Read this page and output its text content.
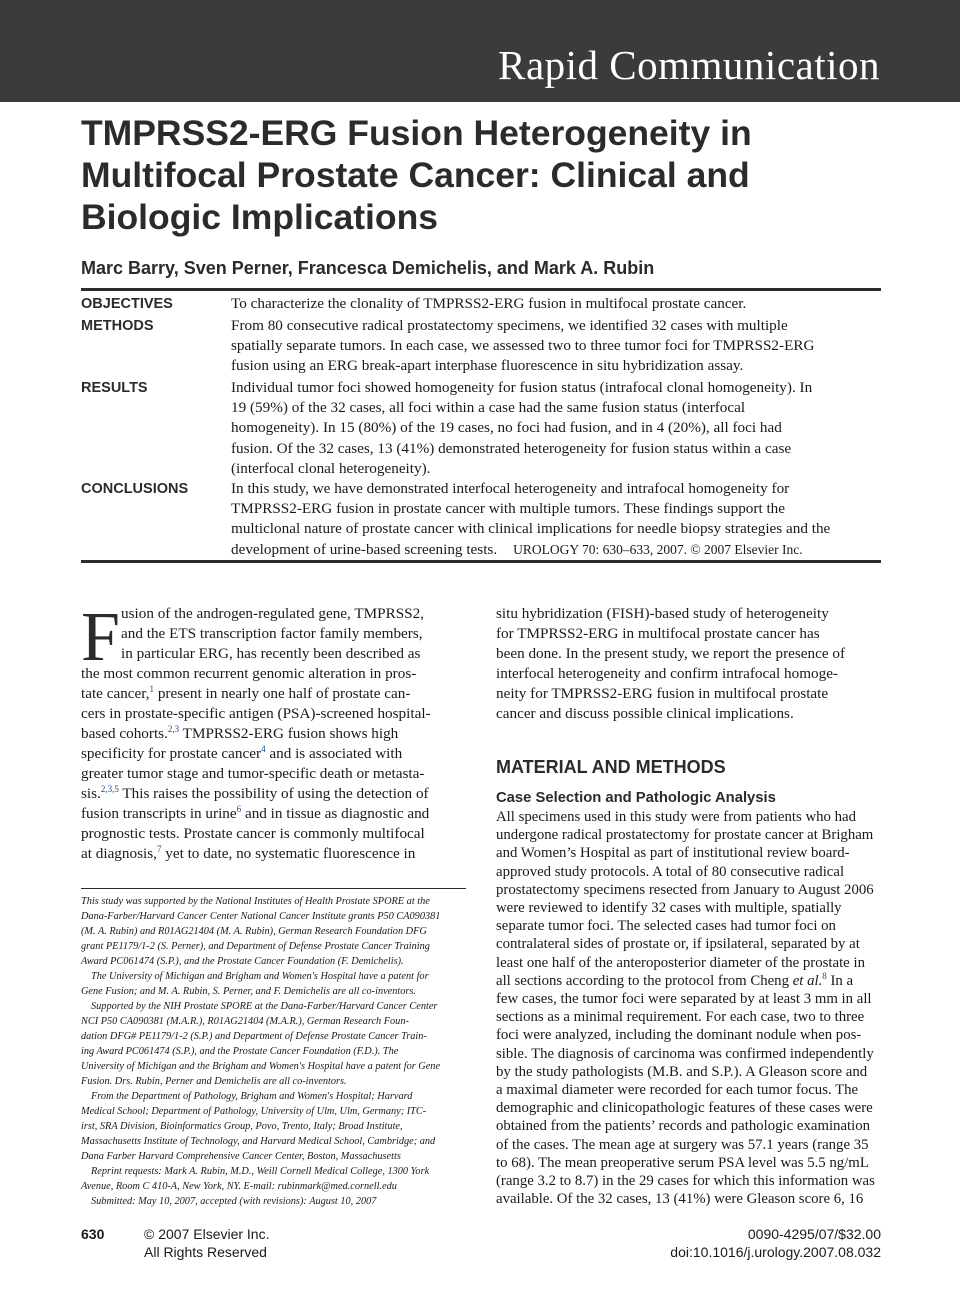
Rapid Communication
TMPRSS2-ERG Fusion Heterogeneity in
Multifocal Prostate Cancer: Clinical and
Biologic Implications
Marc Barry, Sven Perner, Francesca Demichelis, and Mark A. Rubin
OBJECTIVES	To characterize the clonality of TMPRSS2-ERG fusion in multifocal prostate cancer.
METHODS	From 80 consecutive radical prostatectomy specimens, we identified 32 cases with multiple
spatially separate tumors. In each case, we assessed two to three tumor foci for TMPRSS2-ERG
fusion using an ERG break-apart interphase fluorescence in situ hybridization assay.
RESULTS	Individual tumor foci showed homogeneity for fusion status (intrafocal clonal homogeneity). In
19 (59%) of the 32 cases, all foci within a case had the same fusion status (interfocal
homogeneity). In 15 (80%) of the 19 cases, no foci had fusion, and in 4 (20%), all foci had
fusion. Of the 32 cases, 13 (41%) demonstrated heterogeneity for fusion status within a case
(interfocal clonal heterogeneity).
CONCLUSIONS	In this study, we have demonstrated interfocal heterogeneity and intrafocal homogeneity for
TMPRSS2-ERG fusion in prostate cancer with multiple tumors. These findings support the
multiclonal nature of prostate cancer with clinical implications for needle biopsy strategies and the
development of urine-based screening tests. UROLOGY 70: 630–633, 2007. © 2007 Elsevier Inc.
F usion of the androgen-regulated gene, TMPRSS2,
and the ETS transcription factor family members,
in particular ERG, has recently been described as
the most common recurrent genomic alteration in pros-
tate cancer,$^1$ present in nearly one half of prostate can-
cers in prostate-specific antigen (PSA)-screened hospital-
based cohorts.$^{2,3}$ TMPRSS2-ERG fusion shows high
specificity for prostate cancer$^4$ and is associated with
greater tumor stage and tumor-specific death or metasta-
sis.$^{2,3,5}$ This raises the possibility of using the detection of
fusion transcripts in urine$^6$ and in tissue as diagnostic and
prognostic tests. Prostate cancer is commonly multifocal
at diagnosis,$^7$ yet to date, no systematic fluorescence in
This study was supported by the National Institutes of Health Prostate SPORE at the
Dana-Farber/Harvard Cancer Center National Cancer Institute grants P50 CA090381
(M. A. Rubin) and R01AG21404 (M. A. Rubin), German Research Foundation DFG
grant PE1179/1-2 (S. Perner), and Department of Defense Prostate Cancer Training
Award PC061474 (S.P.), and the Prostate Cancer Foundation (F. Demichelis).
The University of Michigan and Brigham and Women's Hospital have a patent for
Gene Fusion; and M. A. Rubin, S. Perner, and F. Demichelis are all co-inventors.
Supported by the NIH Prostate SPORE at the Dana-Farber/Harvard Cancer Center
NCI P50 CA090381 (M.A.R.), R01AG21404 (M.A.R.), German Research Foun-
dation DFG# PE1179/1-2 (S.P.) and Department of Defense Prostate Cancer Train-
ing Award PC061474 (S.P.), and the Prostate Cancer Foundation (F.D.). The
University of Michigan and the Brigham and Women's Hospital have a patent for Gene
Fusion. Drs. Rubin, Perner and Demichelis are all co-inventors.
From the Department of Pathology, Brigham and Women's Hospital; Harvard
Medical School; Department of Pathology, University of Ulm, Ulm, Germany; ITC-
irst, SRA Division, Bioinformatics Group, Povo, Trento, Italy; Broad Institute,
Massachusetts Institute of Technology, and Harvard Medical School, Cambridge; and
Dana Farber Harvard Comprehensive Cancer Center, Boston, Massachusetts
Reprint requests: Mark A. Rubin, M.D., Weill Cornell Medical College, 1300 York
Avenue, Room C 410-A, New York, NY. E-mail: rubinmark@med.cornell.edu
Submitted: May 10, 2007, accepted (with revisions): August 10, 2007
situ hybridization (FISH)-based study of heterogeneity
for TMPRSS2-ERG in multifocal prostate cancer has
been done. In the present study, we report the presence of
interfocal heterogeneity and confirm intrafocal homoge-
neity for TMPRSS2-ERG fusion in multifocal prostate
cancer and discuss possible clinical implications.
MATERIAL AND METHODS
Case Selection and Pathologic Analysis
All specimens used in this study were from patients who had
undergone radical prostatectomy for prostate cancer at Brigham
and Women’s Hospital as part of institutional review board-
approved study protocols. A total of 80 consecutive radical
prostatectomy specimens resected from January to August 2006
were reviewed to identify 32 cases with multiple, spatially
separate tumor foci. The selected cases had tumor foci on
contralateral sides of prostate or, if ipsilateral, separated by at
least one half of the anteroposterior diameter of the prostate in
all sections according to the protocol from Cheng et al.$^8$ In a
few cases, the tumor foci were separated by at least 3 mm in all
sections as a minimal requirement. For each case, two to three
foci were analyzed, including the dominant nodule when pos-
sible. The diagnosis of carcinoma was confirmed independently
by the study pathologists (M.B. and S.P.). A Gleason score and
a maximal diameter were recorded for each tumor focus. The
demographic and clinicopathologic features of these cases were
obtained from the patients’ records and pathologic examination
of the cases. The mean age at surgery was 57.1 years (range 35
to 68). The mean preoperative serum PSA level was 5.5 ng/mL
(range 3.2 to 8.7) in the 29 cases for which this information was
available. Of the 32 cases, 13 (41%) were Gleason score 6, 16
630	© 2007 Elsevier Inc.
All Rights Reserved
0090-4295/07/$32.00
doi:10.1016/j.urology.2007.08.032
